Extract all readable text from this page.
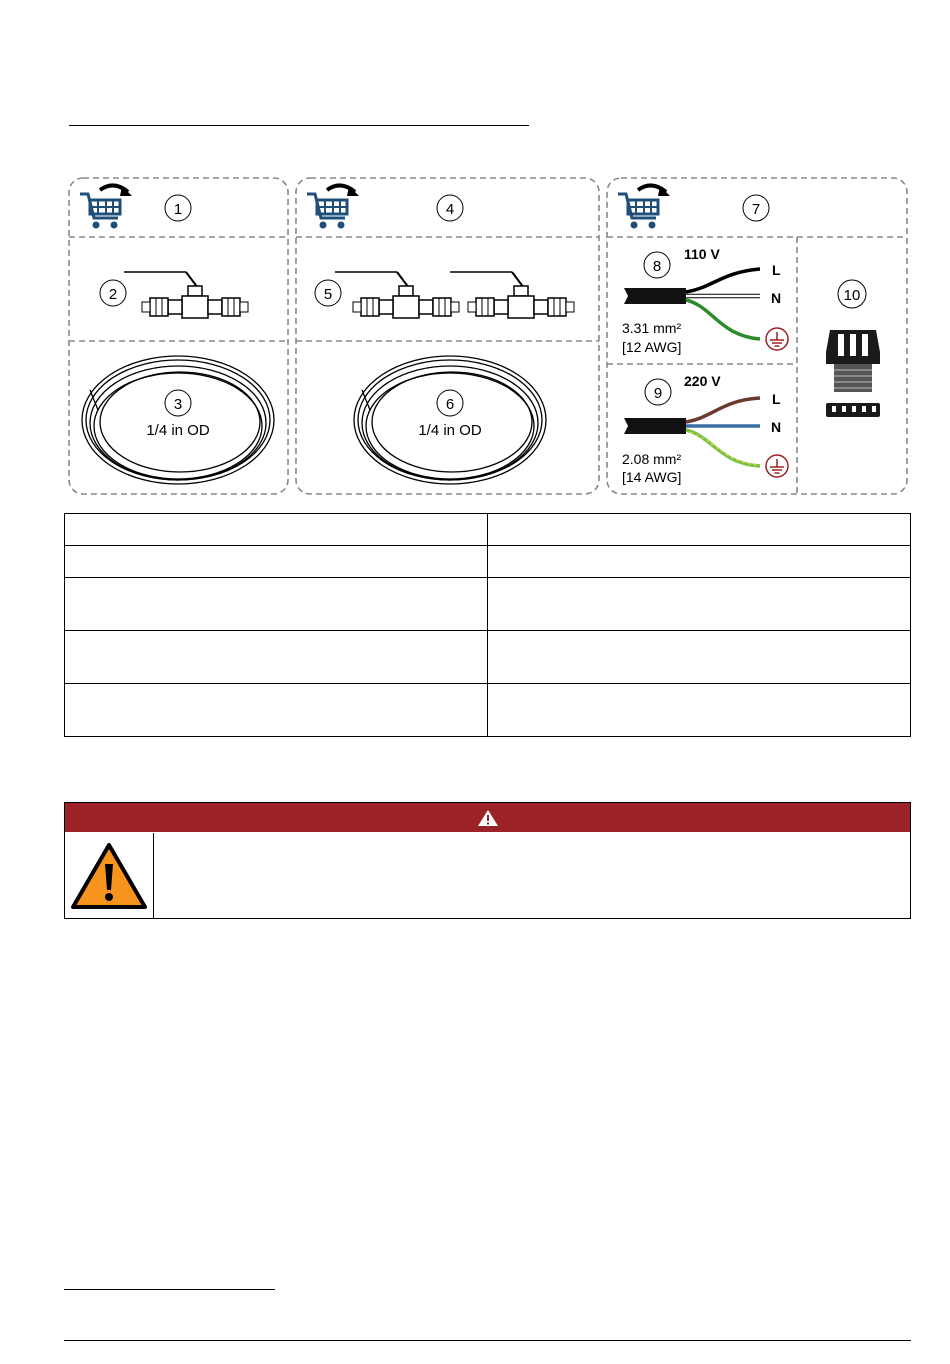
1
2
3
1/4 in OD
4
5
6
1/4 in OD
7
8
110 V
L
N
3.31 mm²
[12 AWG]
9
220 V
L
N
2.08 mm²
[14 AWG]
10
